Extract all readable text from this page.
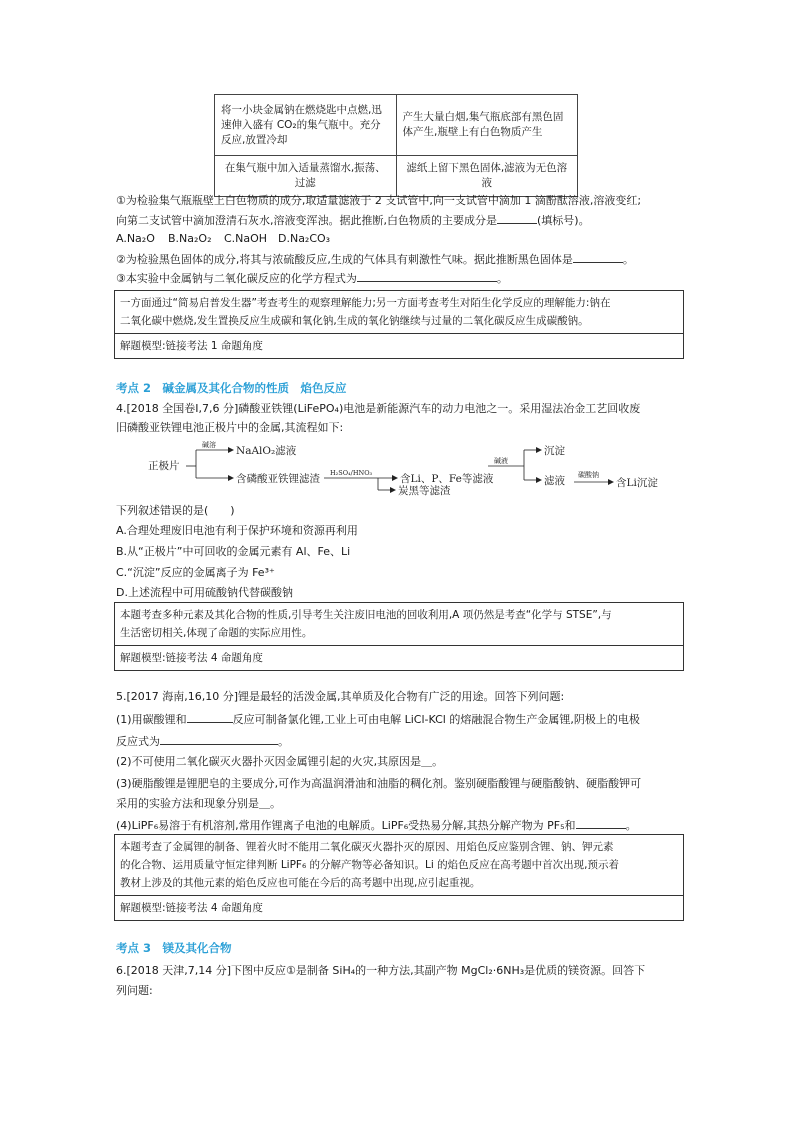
将一小块金属钠在燃烧匙中点燃,迅速伸入盛有 CO₂的集气瓶中。充分反应,放置冷却	产生大量白烟,集气瓶底部有黑色固体产生,瓶壁上有白色物质产生
在集气瓶中加入适量蒸馏水,振荡、过滤	滤纸上留下黑色固体,滤液为无色溶液
①为检验集气瓶瓶壁上白色物质的成分,取适量滤液于 2 支试管中,向一支试管中滴加 1 滴酚酞溶液,溶液变红;
向第二支试管中滴加澄清石灰水,溶液变浑浊。据此推断,白色物质的主要成分是	(填标号)。
A.Na₂O B.Na₂O₂ C.NaOH D.Na₂CO₃
②为检验黑色固体的成分,将其与浓硫酸反应,生成的气体具有刺激性气味。据此推断黑色固体是	。
③本实验中金属钠与二氧化碳反应的化学方程式为	。
一方面通过“简易启普发生器”考查考生的观察理解能力;另一方面考查考生对陌生化学反应的理解能力:钠在
二氧化碳中燃烧,发生置换反应生成碳和氧化钠,生成的氧化钠继续与过量的二氧化碳反应生成碳酸钠。
解题模型:链接考法 1 命题角度
考点 2　碱金属及其化合物的性质　焰色反应
4.[2018 全国卷Ⅰ,7,6 分]磷酸亚铁锂(LiFePO₄)电池是新能源汽车的动力电池之一。采用湿法冶金工艺回收废
旧磷酸亚铁锂电池正极片中的金属,其流程如下:
正极片
碱溶 NaAlO₂滤液
含磷酸亚铁锂滤渣 H₂SO₄/HNO₃	含Li、P、Fe等滤液
碱液
炭黑等滤渣
沉淀
滤液 碳酸钠
含Li沉淀
下列叙述错误的是(　　)
A.合理处理废旧电池有利于保护环境和资源再利用
B.从“正极片”中可回收的金属元素有 Al、Fe、Li
C.“沉淀”反应的金属离子为 Fe³⁺
D.上述流程中可用硫酸钠代替碳酸钠
本题考查多种元素及其化合物的性质,引导考生关注废旧电池的回收利用,A 项仍然是考查“化学与 STSE”,与
生活密切相关,体现了命题的实际应用性。
解题模型:链接考法 4 命题角度
5.[2017 海南,16,10 分]锂是最轻的活泼金属,其单质及化合物有广泛的用途。回答下列问题:
(1)用碳酸锂和	反应可制备氯化锂,工业上可由电解 LiCl-KCl 的熔融混合物生产金属锂,阴极上的电极
反应式为	。
(2)不可使用二氧化碳灭火器扑灭因金属锂引起的火灾,其原因是＿。
(3)硬脂酸锂是锂肥皂的主要成分,可作为高温润滑油和油脂的稠化剂。鉴别硬脂酸锂与硬脂酸钠、硬脂酸钾可
采用的实验方法和现象分别是＿。
(4)LiPF₆易溶于有机溶剂,常用作锂离子电池的电解质。LiPF₆受热易分解,其热分解产物为 PF₅和	。
本题考查了金属锂的制备、锂着火时不能用二氧化碳灭火器扑灭的原因、用焰色反应鉴别含锂、钠、钾元素
的化合物、运用质量守恒定律判断 LiPF₆ 的分解产物等必备知识。Li 的焰色反应在高考题中首次出现,预示着
教材上涉及的其他元素的焰色反应也可能在今后的高考题中出现,应引起重视。
解题模型:链接考法 4 命题角度
考点 3　镁及其化合物
6.[2018 天津,7,14 分]下图中反应①是制备 SiH₄的一种方法,其副产物 MgCl₂·6NH₃是优质的镁资源。回答下
列问题:
